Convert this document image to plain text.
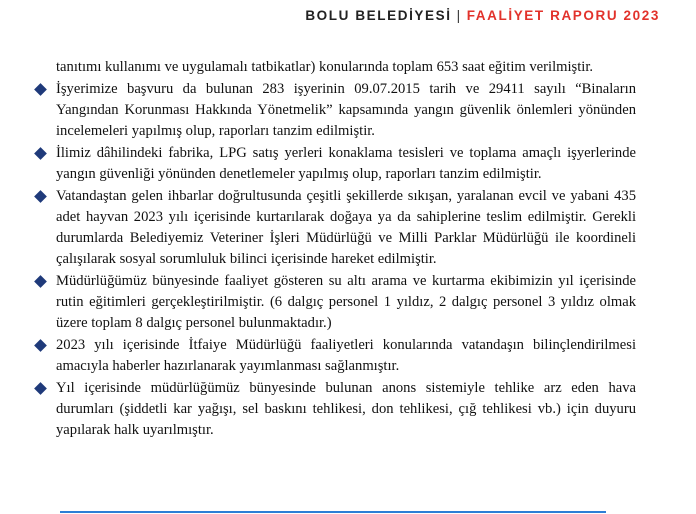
BOLU BELEDİYESİ | FAALİYET RAPORU 2023

tanıtımı kullanımı ve uygulamalı tatbikatlar) konularında toplam 653 saat eğitim verilmiştir.

İşyerimize başvuru da bulunan 283 işyerinin 09.07.2015 tarih ve 29411 sayılı “Binaların Yangından Korunması Hakkında Yönetmelik” kapsamında yangın güvenlik önlemleri yönünden incelemeleri yapılmış olup, raporları tanzim edilmiştir.
İlimiz dâhilindeki fabrika, LPG satış yerleri konaklama tesisleri ve toplama amaçlı işyerlerinde yangın güvenliği yönünden denetlemeler yapılmış olup, raporları tanzim edilmiştir.
Vatandaştan gelen ihbarlar doğrultusunda çeşitli şekillerde sıkışan, yaralanan evcil ve yabani 435 adet hayvan 2023 yılı içerisinde kurtarılarak doğaya ya da sahiplerine teslim edilmiştir. Gerekli durumlarda Belediyemiz Veteriner İşleri Müdürlüğü ve Milli Parklar Müdürlüğü ile koordineli çalışılarak sosyal sorumluluk bilinci içerisinde hareket edilmiştir.
Müdürlüğümüz bünyesinde faaliyet gösteren su altı arama ve kurtarma ekibimizin yıl içerisinde rutin eğitimleri gerçekleştirilmiştir. (6 dalgıç personel 1 yıldız, 2 dalgıç personel 3 yıldız olmak üzere toplam 8 dalgıç personel bulunmaktadır.)
2023 yılı içerisinde İtfaiye Müdürlüğü faaliyetleri konularında vatandaşın bilinçlendirilmesi amacıyla haberler hazırlanarak yayımlanması sağlanmıştır.
Yıl içerisinde müdürlüğümüz bünyesinde bulunan anons sistemiyle tehlike arz eden hava durumları (şiddetli kar yağışı, sel baskını tehlikesi, don tehlikesi, çığ tehlikesi vb.) için duyuru yapılarak halk uyarılmıştır.
